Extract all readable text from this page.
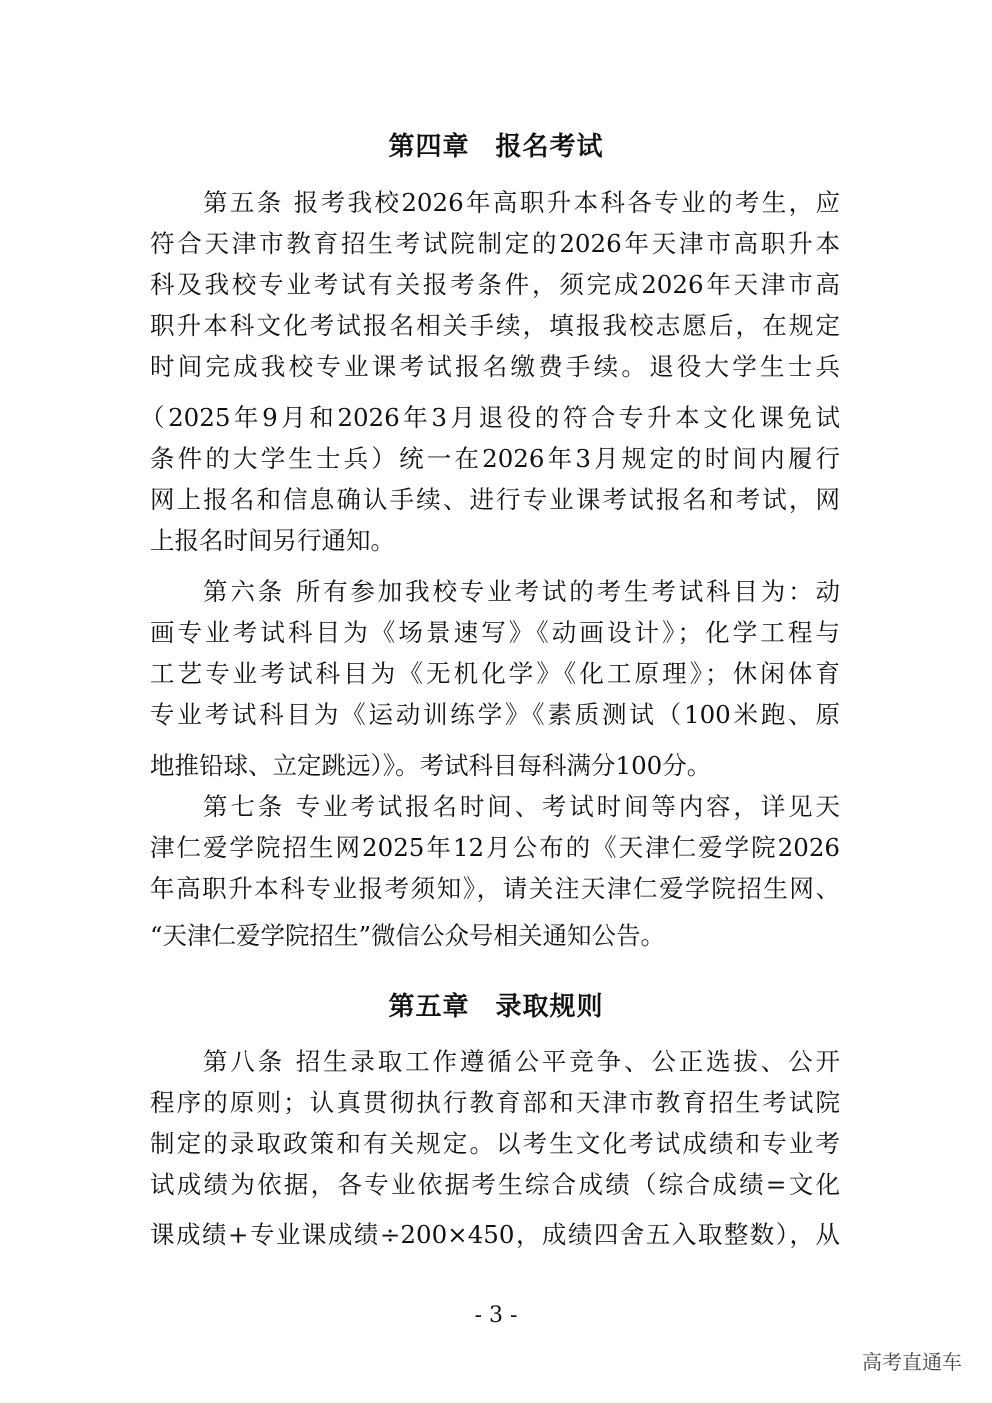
第四章 报名考试
第五条 报考我校2026年高职升本科各专业的考生，应
符合天津市教育招生考试院制定的2026年天津市高职升本
科及我校专业考试有关报考条件，须完成2026年天津市高
职升本科文化考试报名相关手续，填报我校志愿后，在规定
时间完成我校专业课考试报名缴费手续。退役大学生士兵
（2025年9月和2026年3月退役的符合专升本文化课免试
条件的大学生士兵）统一在2026年3月规定的时间内履行
网上报名和信息确认手续、进行专业课考试报名和考试，网
上报名时间另行通知。
第六条 所有参加我校专业考试的考生考试科目为：动
画专业考试科目为《场景速写》《动画设计》；化学工程与
工艺专业考试科目为《无机化学》《化工原理》；休闲体育
专业考试科目为《运动训练学》《素质测试（100米跑、原
地推铅球、立定跳远）》。考试科目每科满分100分。
第七条 专业考试报名时间、考试时间等内容，详见天
津仁爱学院招生网2025年12月公布的《天津仁爱学院2026
年高职升本科专业报考须知》，请关注天津仁爱学院招生网、
“天津仁爱学院招生”微信公众号相关通知公告。
第五章 录取规则
第八条 招生录取工作遵循公平竞争、公正选拔、公开
程序的原则；认真贯彻执行教育部和天津市教育招生考试院
制定的录取政策和有关规定。以考生文化考试成绩和专业考
试成绩为依据，各专业依据考生综合成绩（综合成绩=文化
课成绩+专业课成绩÷200×450，成绩四舍五入取整数），从
- 3 -
高考直通车
